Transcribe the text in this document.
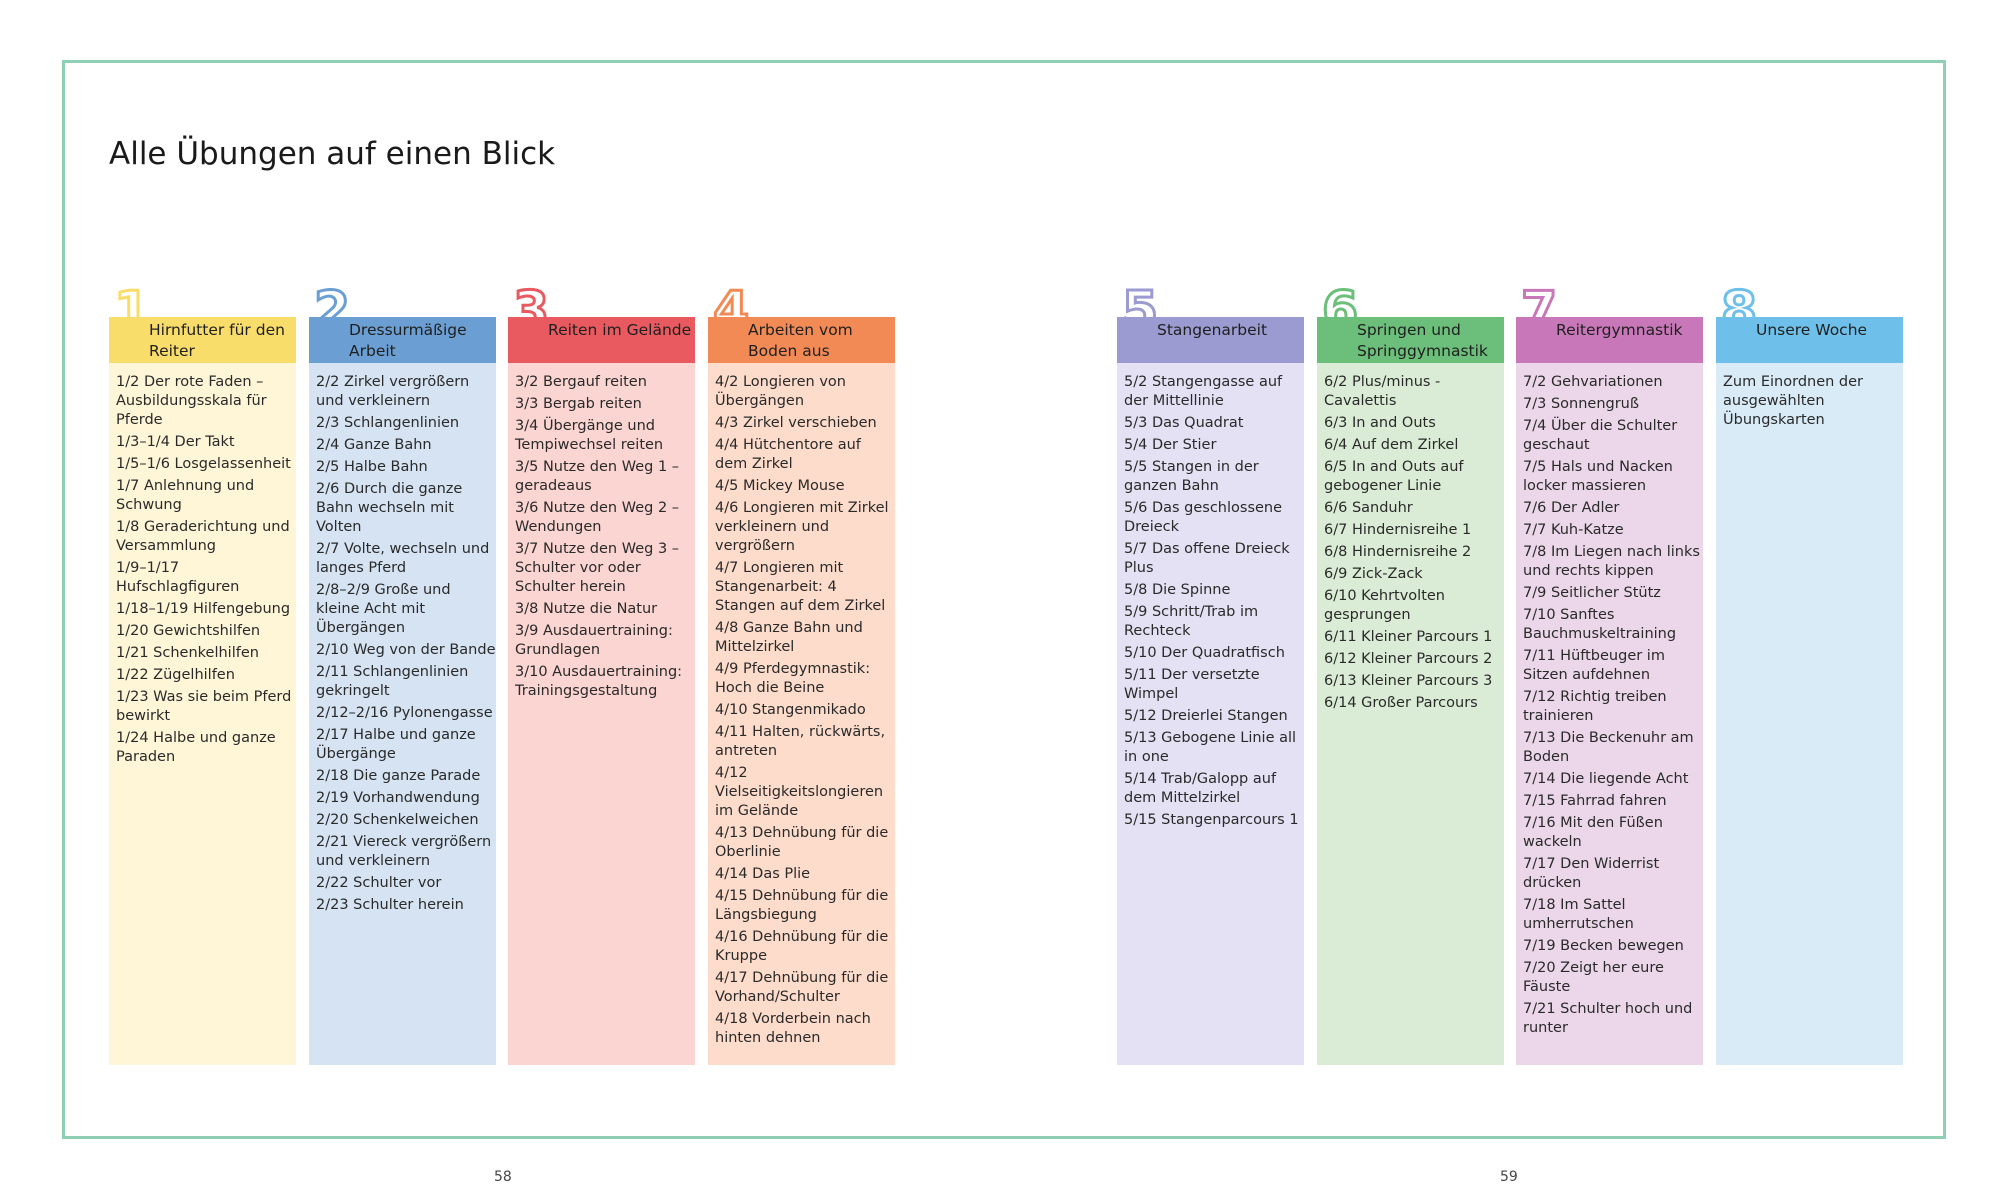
Alle Übungen auf einen Blick
1
Hirnfutter für den Reiter
1/2 Der rote Faden – Ausbildungsskala für Pferde
1/3–1/4 Der Takt
1/5–1/6 Losgelassenheit
1/7 Anlehnung und Schwung
1/8 Geraderichtung und Versammlung
1/9–1/17 Hufschlagfiguren
1/18–1/19 Hilfengebung
1/20 Gewichtshilfen
1/21 Schenkelhilfen
1/22 Zügelhilfen
1/23 Was sie beim Pferd bewirkt
1/24 Halbe und ganze Paraden
2
Dressurmäßige Arbeit
2/2 Zirkel vergrößern und verkleinern
2/3 Schlangenlinien
2/4 Ganze Bahn
2/5 Halbe Bahn
2/6 Durch die ganze Bahn wechseln mit Volten
2/7 Volte, wechseln und langes Pferd
2/8–2/9 Große und kleine Acht mit Übergängen
2/10 Weg von der Bande
2/11 Schlangenlinien gekringelt
2/12–2/16 Pylonengasse
2/17 Halbe und ganze Übergänge
2/18 Die ganze Parade
2/19 Vorhandwendung
2/20 Schenkelweichen
2/21 Viereck vergrößern und verkleinern
2/22 Schulter vor
2/23 Schulter herein
3
Reiten im Gelände
3/2 Bergauf reiten
3/3 Bergab reiten
3/4 Übergänge und Tempiwechsel reiten
3/5 Nutze den Weg 1 – geradeaus
3/6 Nutze den Weg 2 – Wendungen
3/7 Nutze den Weg 3 – Schulter vor oder Schulter herein
3/8 Nutze die Natur
3/9 Ausdauertraining: Grundlagen
3/10 Ausdauertraining: Trainingsgestaltung
4
Arbeiten vom Boden aus
4/2 Longieren von Übergängen
4/3 Zirkel verschieben
4/4 Hütchentore auf dem Zirkel
4/5 Mickey Mouse
4/6 Longieren mit Zirkel verkleinern und vergrößern
4/7 Longieren mit Stangenarbeit: 4 Stangen auf dem Zirkel
4/8 Ganze Bahn und Mittelzirkel
4/9 Pferdegymnastik: Hoch die Beine
4/10 Stangenmikado
4/11 Halten, rückwärts, antreten
4/12 Vielseitigkeitslongieren im Gelände
4/13 Dehnübung für die Oberlinie
4/14 Das Plie
4/15 Dehnübung für die Längsbiegung
4/16 Dehnübung für die Kruppe
4/17 Dehnübung für die Vorhand/Schulter
4/18 Vorderbein nach hinten dehnen
5
Stangenarbeit
5/2 Stangengasse auf der Mittellinie
5/3 Das Quadrat
5/4 Der Stier
5/5 Stangen in der ganzen Bahn
5/6 Das geschlossene Dreieck
5/7 Das offene Dreieck Plus
5/8 Die Spinne
5/9 Schritt/Trab im Rechteck
5/10 Der Quadratfisch
5/11 Der versetzte Wimpel
5/12 Dreierlei Stangen
5/13 Gebogene Linie all in one
5/14 Trab/Galopp auf dem Mittelzirkel
5/15 Stangenparcours 1
6
Springen und Springgymnastik
6/2 Plus/minus -Cavalettis
6/3 In and Outs
6/4 Auf dem Zirkel
6/5 In and Outs auf gebogener Linie
6/6 Sanduhr
6/7 Hindernisreihe 1
6/8 Hindernisreihe 2
6/9 Zick-Zack
6/10 Kehrtvolten gesprungen
6/11 Kleiner Parcours 1
6/12 Kleiner Parcours 2
6/13 Kleiner Parcours 3
6/14 Großer Parcours
7
Reitergymnastik
7/2 Gehvariationen
7/3 Sonnengruß
7/4 Über die Schulter geschaut
7/5 Hals und Nacken locker massieren
7/6 Der Adler
7/7 Kuh-Katze
7/8 Im Liegen nach links und rechts kippen
7/9 Seitlicher Stütz
7/10 Sanftes Bauchmuskeltraining
7/11 Hüftbeuger im Sitzen aufdehnen
7/12 Richtig treiben trainieren
7/13 Die Beckenuhr am Boden
7/14 Die liegende Acht
7/15 Fahrrad fahren
7/16 Mit den Füßen wackeln
7/17 Den Widerrist drücken
7/18 Im Sattel umherrutschen
7/19 Becken bewegen
7/20 Zeigt her eure Fäuste
7/21 Schulter hoch und runter
8
Unsere Woche
Zum Einordnen der ausgewählten Übungskarten
58	59
